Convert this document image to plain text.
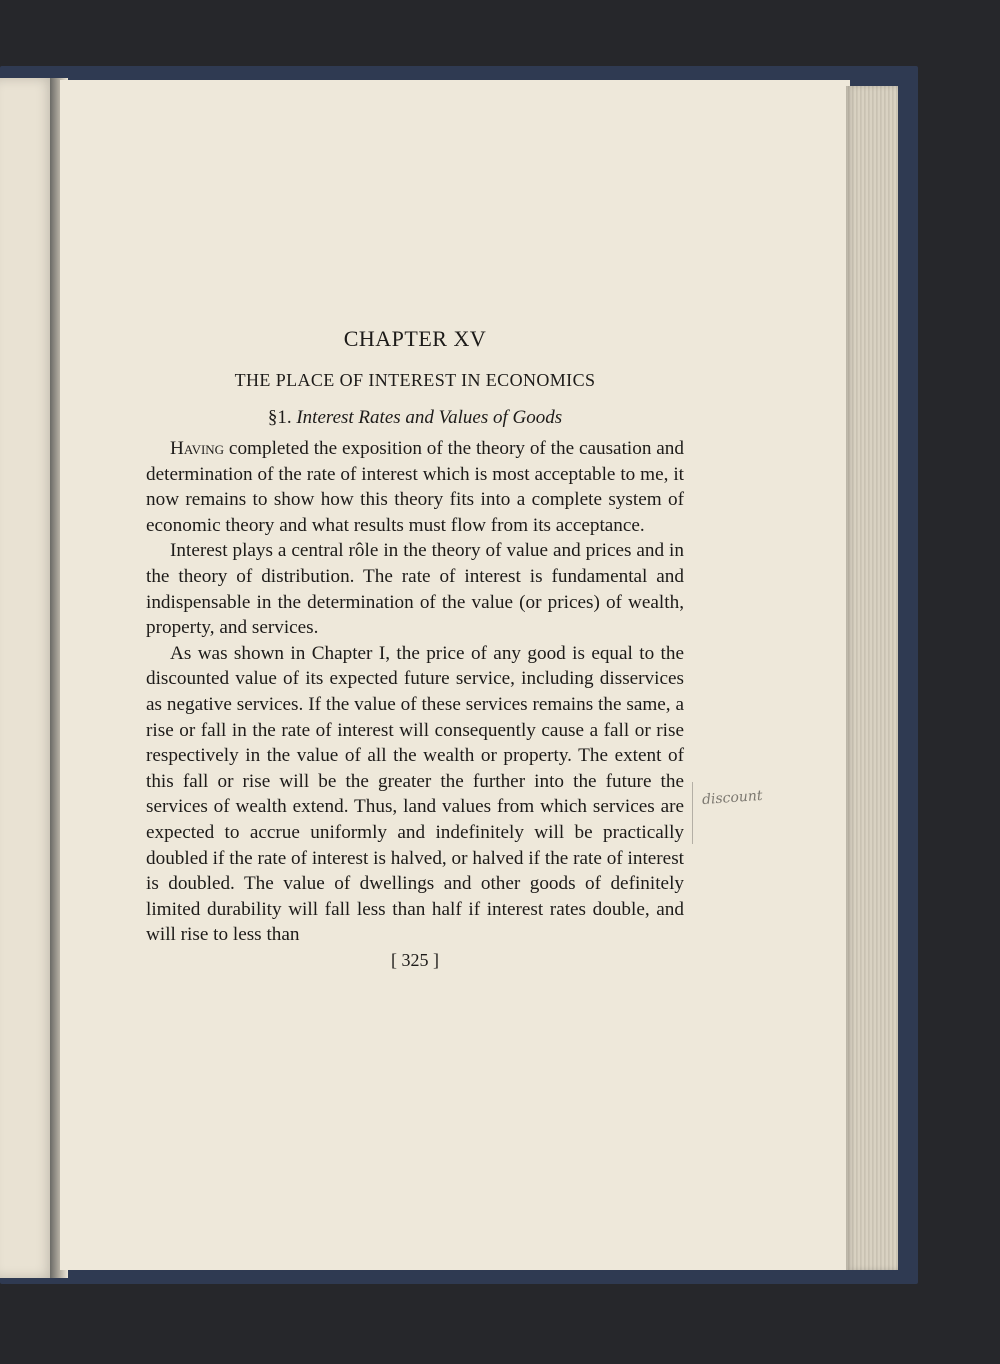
CHAPTER XV
THE PLACE OF INTEREST IN ECONOMICS
§1. Interest Rates and Values of Goods

Having completed the exposition of the theory of the causation and determination of the rate of interest which is most acceptable to me, it now remains to show how this theory fits into a complete system of economic theory and what results must flow from its acceptance.

Interest plays a central rôle in the theory of value and prices and in the theory of distribution. The rate of interest is fundamental and indispensable in the determination of the value (or prices) of wealth, property, and services.

As was shown in Chapter I, the price of any good is equal to the discounted value of its expected future service, including disservices as negative services. If the value of these services remains the same, a rise or fall in the rate of interest will consequently cause a fall or rise respectively in the value of all the wealth or property. The extent of this fall or rise will be the greater the further into the future the services of wealth extend. Thus, land values from which services are expected to accrue uniformly and indefinitely will be practically doubled if the rate of interest is halved, or halved if the rate of interest is doubled. The value of dwellings and other goods of definitely limited durability will fall less than half if interest rates double, and will rise to less than

[ 325 ]
discount
